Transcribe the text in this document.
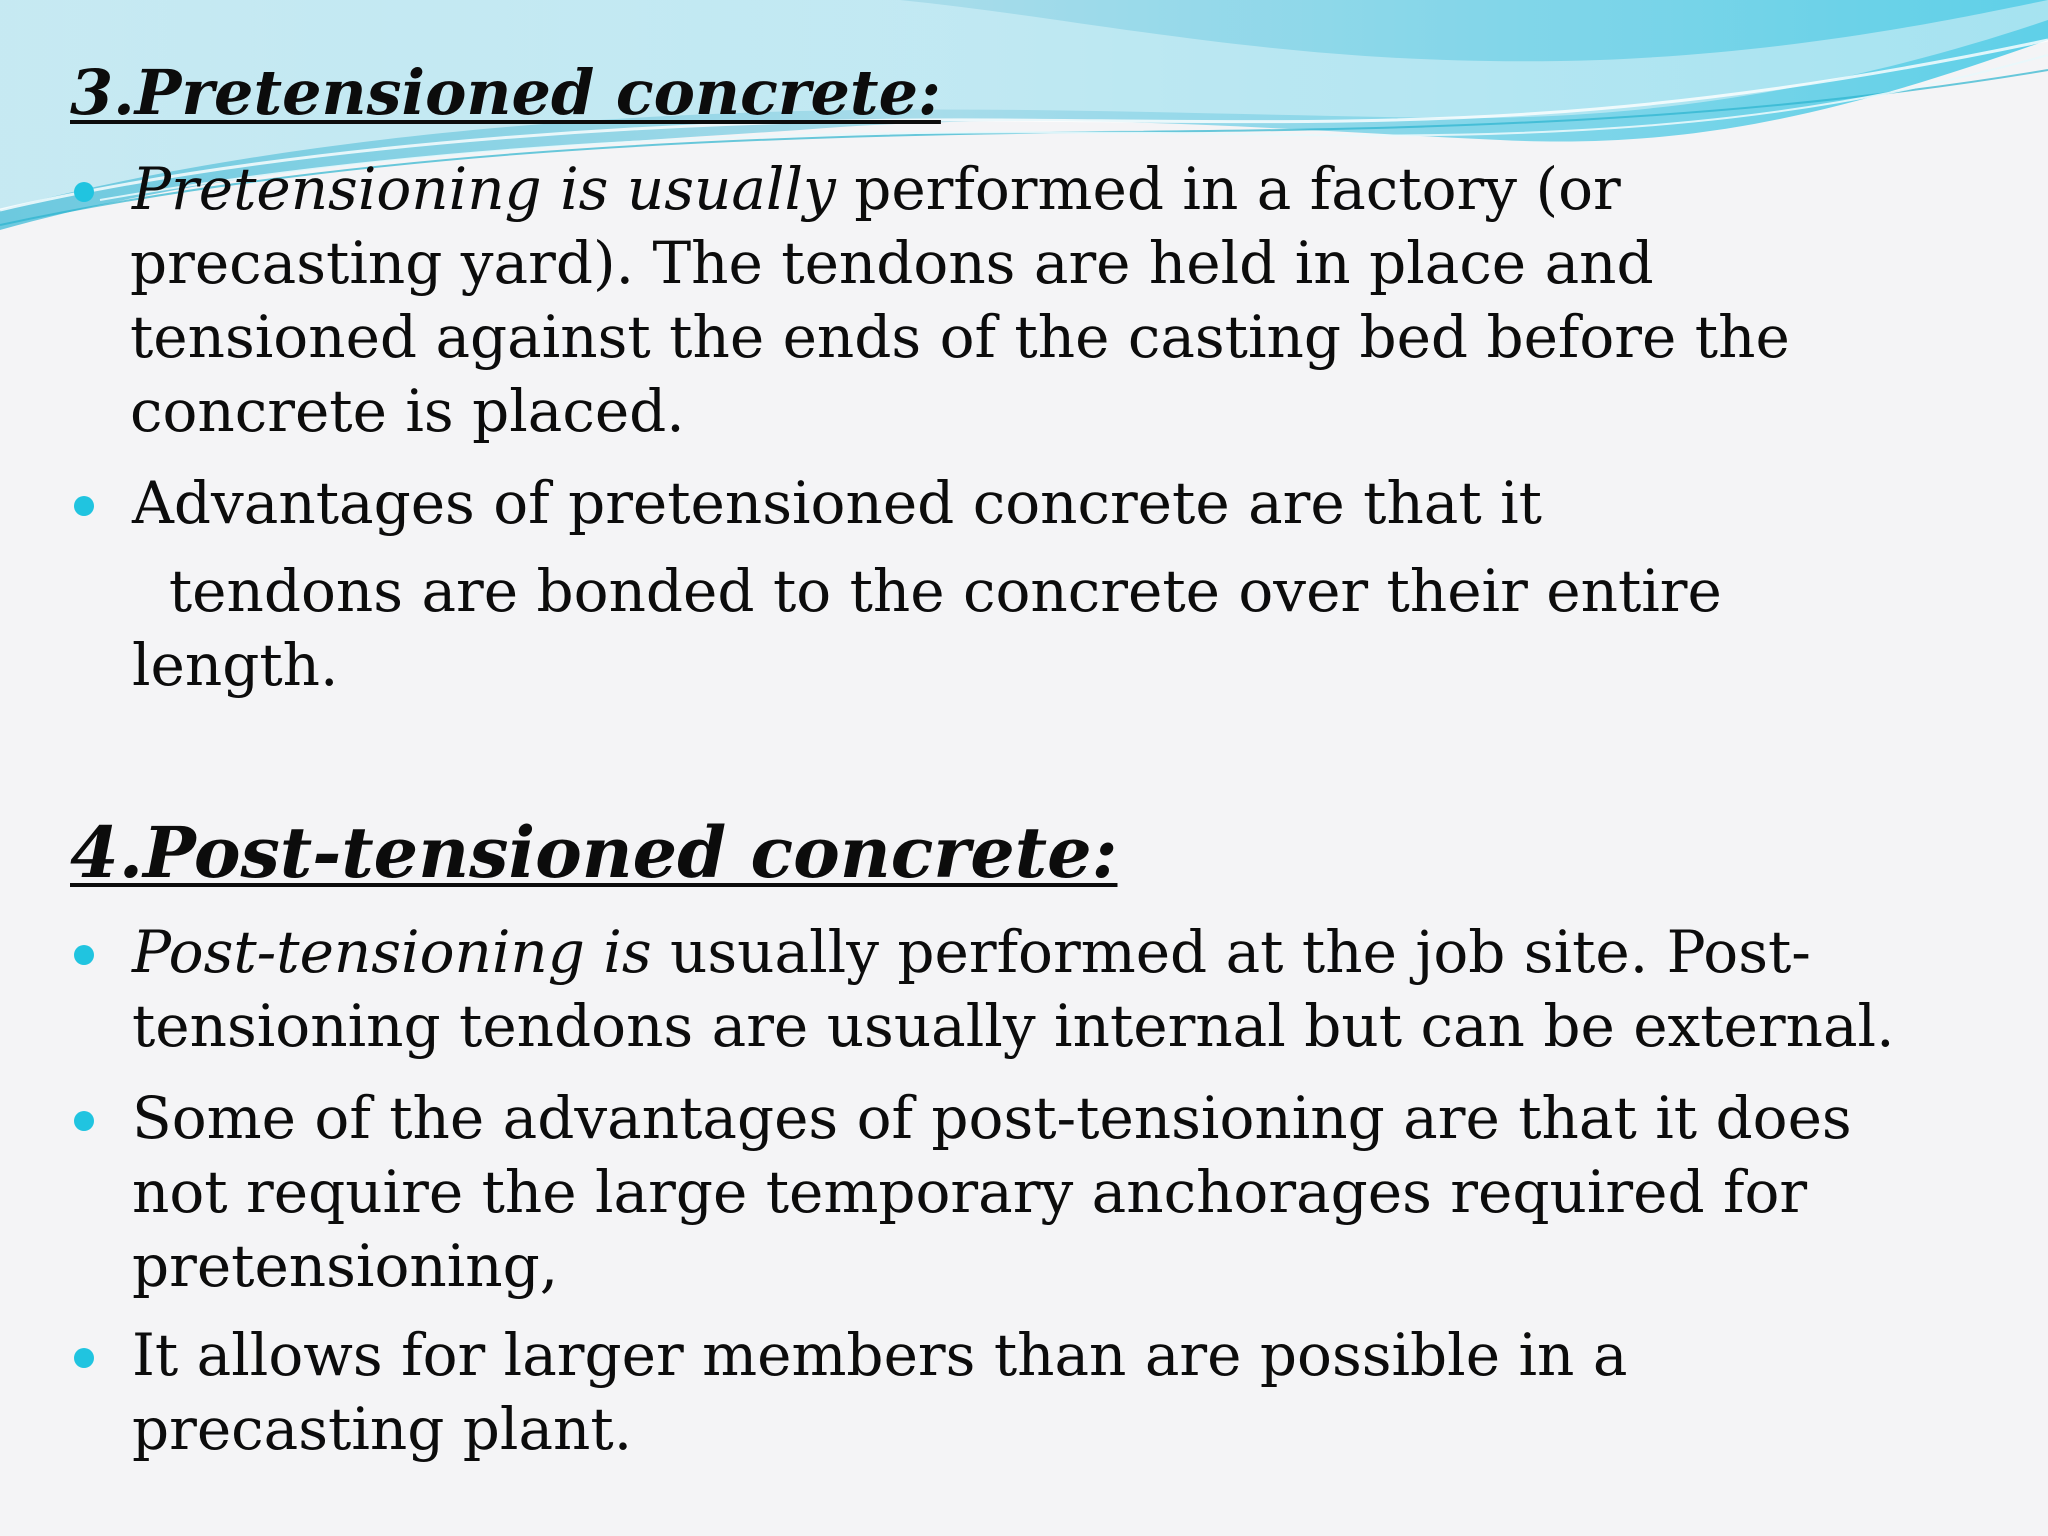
3.Pretensioned concrete:
Pretensioning is usually performed in a factory (or
precasting yard). The tendons are held in place and
tensioned against the ends of the casting bed before the
concrete is placed.
Advantages of pretensioned concrete are that it
tendons are bonded to the concrete over their entire
length.
4.Post-tensioned concrete:
Post-tensioning is usually performed at the job site. Post-
tensioning tendons are usually internal but can be external.
Some of the advantages of post-tensioning are that it does
not require the large temporary anchorages required for
pretensioning,
It allows for larger members than are possible in a
precasting plant.
